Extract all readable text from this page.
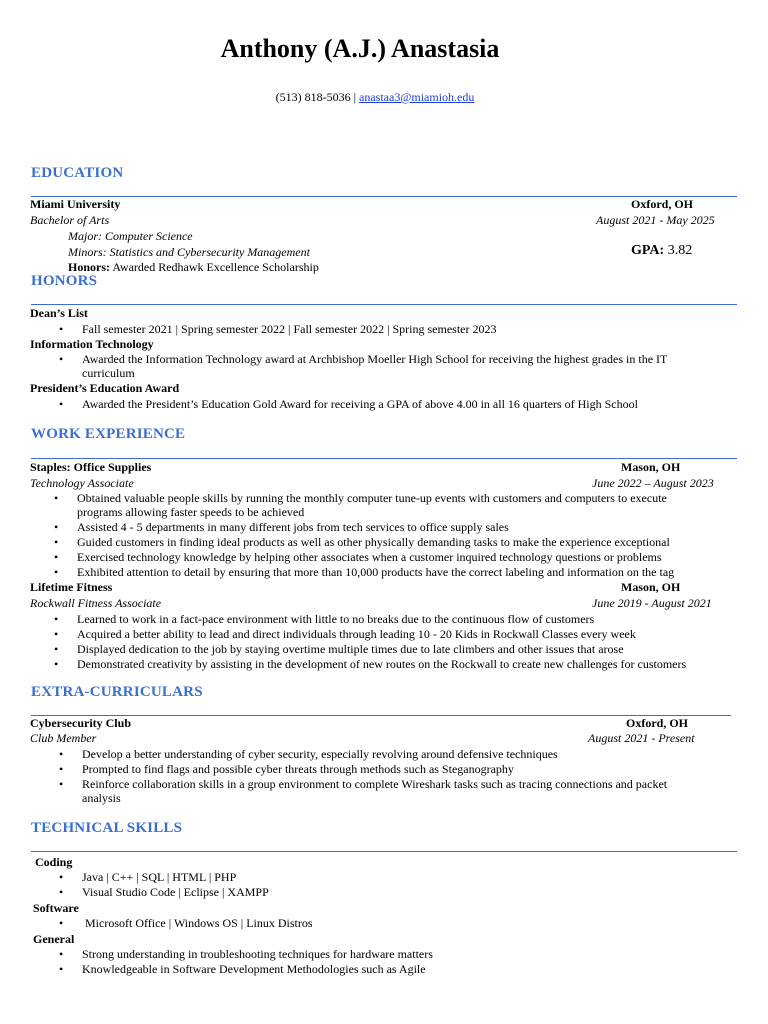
Anthony (A.J.) Anastasia
(513) 818-5036 | anastaa3@miamioh.edu
EDUCATION
Miami University	Oxford, OH
Bachelor of Arts	August 2021 - May 2025
Major: Computer Science
Minors: Statistics and Cybersecurity Management	GPA: 3.82
Honors: Awarded Redhawk Excellence Scholarship
HONORS
Dean’s List
• Fall semester 2021 | Spring semester 2022 | Fall semester 2022 | Spring semester 2023
Information Technology
• Awarded the Information Technology award at Archbishop Moeller High School for receiving the highest grades in the IT
curriculum
President’s Education Award
• Awarded the President’s Education Gold Award for receiving a GPA of above 4.00 in all 16 quarters of High School
WORK EXPERIENCE
Staples: Office Supplies	Mason, OH
Technology Associate	June 2022 – August 2023
• Obtained valuable people skills by running the monthly computer tune-up events with customers and computers to execute
programs allowing faster speeds to be achieved
• Assisted 4 - 5 departments in many different jobs from tech services to office supply sales
• Guided customers in finding ideal products as well as other physically demanding tasks to make the experience exceptional
• Exercised technology knowledge by helping other associates when a customer inquired technology questions or problems
• Exhibited attention to detail by ensuring that more than 10,000 products have the correct labeling and information on the tag
Lifetime Fitness	Mason, OH
Rockwall Fitness Associate	June 2019 - August 2021
• Learned to work in a fact-pace environment with little to no breaks due to the continuous flow of customers
• Acquired a better ability to lead and direct individuals through leading 10 - 20 Kids in Rockwall Classes every week
• Displayed dedication to the job by staying overtime multiple times due to late climbers and other issues that arose
• Demonstrated creativity by assisting in the development of new routes on the Rockwall to create new challenges for customers
EXTRA-CURRICULARS
Cybersecurity Club	Oxford, OH
Club Member	August 2021 - Present
• Develop a better understanding of cyber security, especially revolving around defensive techniques
• Prompted to find flags and possible cyber threats through methods such as Steganography
• Reinforce collaboration skills in a group environment to complete Wireshark tasks such as tracing connections and packet
analysis
TECHNICAL SKILLS
Coding
• Java | C++ | SQL | HTML | PHP
• Visual Studio Code | Eclipse | XAMPP
Software
• Microsoft Office | Windows OS | Linux Distros
General
• Strong understanding in troubleshooting techniques for hardware matters
• Knowledgeable in Software Development Methodologies such as Agile
